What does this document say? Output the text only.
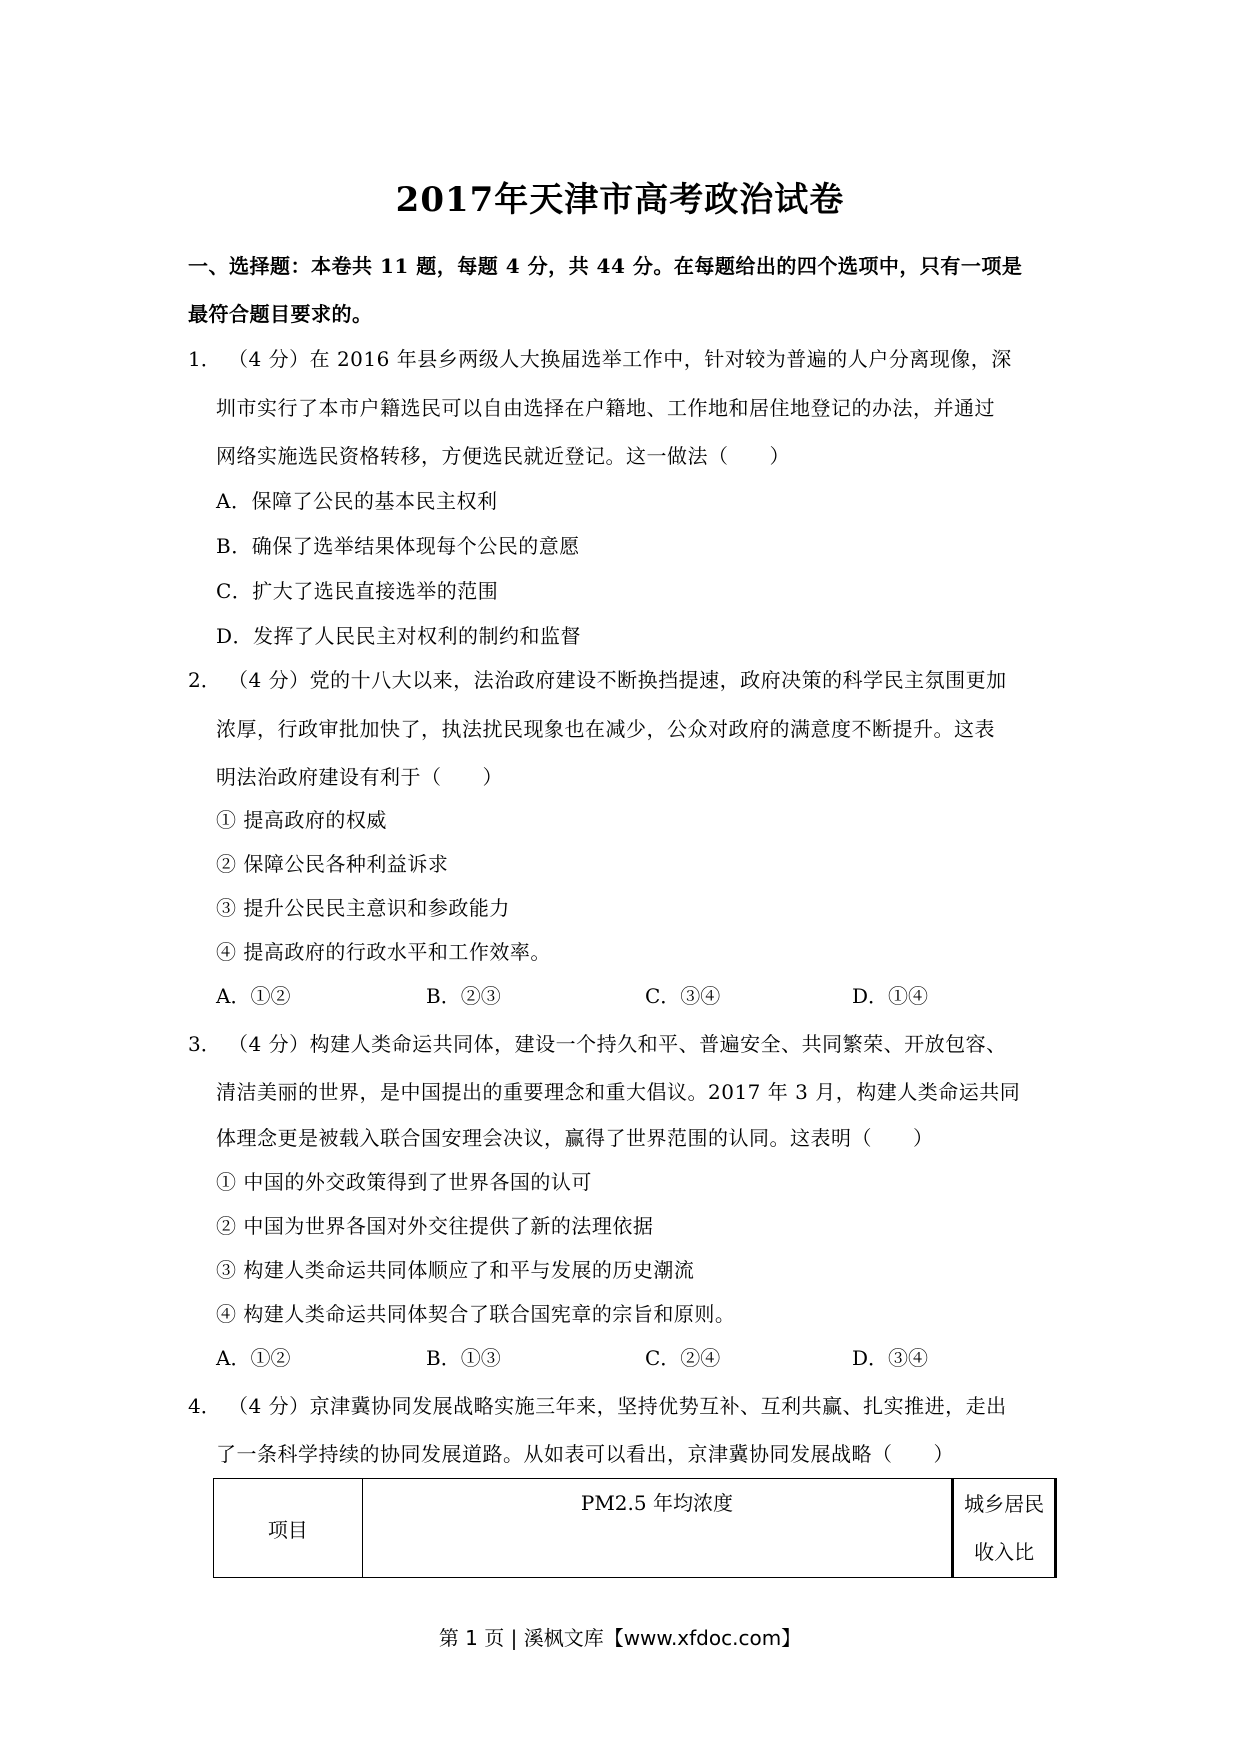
2017年天津市高考政治试卷
一、选择题：本卷共 11 题，每题 4 分，共 44 分。在每题给出的四个选项中，只有一项是
最符合题目要求的。
1． （4 分）在 2016 年县乡两级人大换届选举工作中，针对较为普遍的人户分离现像，深
圳市实行了本市户籍选民可以自由选择在户籍地、工作地和居住地登记的办法，并通过
网络实施选民资格转移，方便选民就近登记。这一做法（　　）
A．保障了公民的基本民主权利
B．确保了选举结果体现每个公民的意愿
C．扩大了选民直接选举的范围
D．发挥了人民民主对权利的制约和监督
2． （4 分）党的十八大以来，法治政府建设不断换挡提速，政府决策的科学民主氛围更加
浓厚，行政审批加快了，执法扰民现象也在减少，公众对政府的满意度不断提升。这表
明法治政府建设有利于（　　）
① 提高政府的权威
② 保障公民各种利益诉求
③ 提升公民民主意识和参政能力
④ 提高政府的行政水平和工作效率。
A．①②	B．②③	C．③④	D．①④
3． （4 分）构建人类命运共同体，建设一个持久和平、普遍安全、共同繁荣、开放包容、
清洁美丽的世界，是中国提出的重要理念和重大倡议。2017 年 3 月，构建人类命运共同
体理念更是被载入联合国安理会决议，赢得了世界范围的认同。这表明（　　）
① 中国的外交政策得到了世界各国的认可
② 中国为世界各国对外交往提供了新的法理依据
③ 构建人类命运共同体顺应了和平与发展的历史潮流
④ 构建人类命运共同体契合了联合国宪章的宗旨和原则。
A．①②	B．①③	C．②④	D．③④
4． （4 分）京津冀协同发展战略实施三年来，坚持优势互补、互利共赢、扎实推进，走出
了一条科学持续的协同发展道路。从如表可以看出，京津冀协同发展战略（　　）
项目	PM2.5 年均浓度	城乡居民
收入比
第 1 页 | 溪枫文库【www.xfdoc.com】
